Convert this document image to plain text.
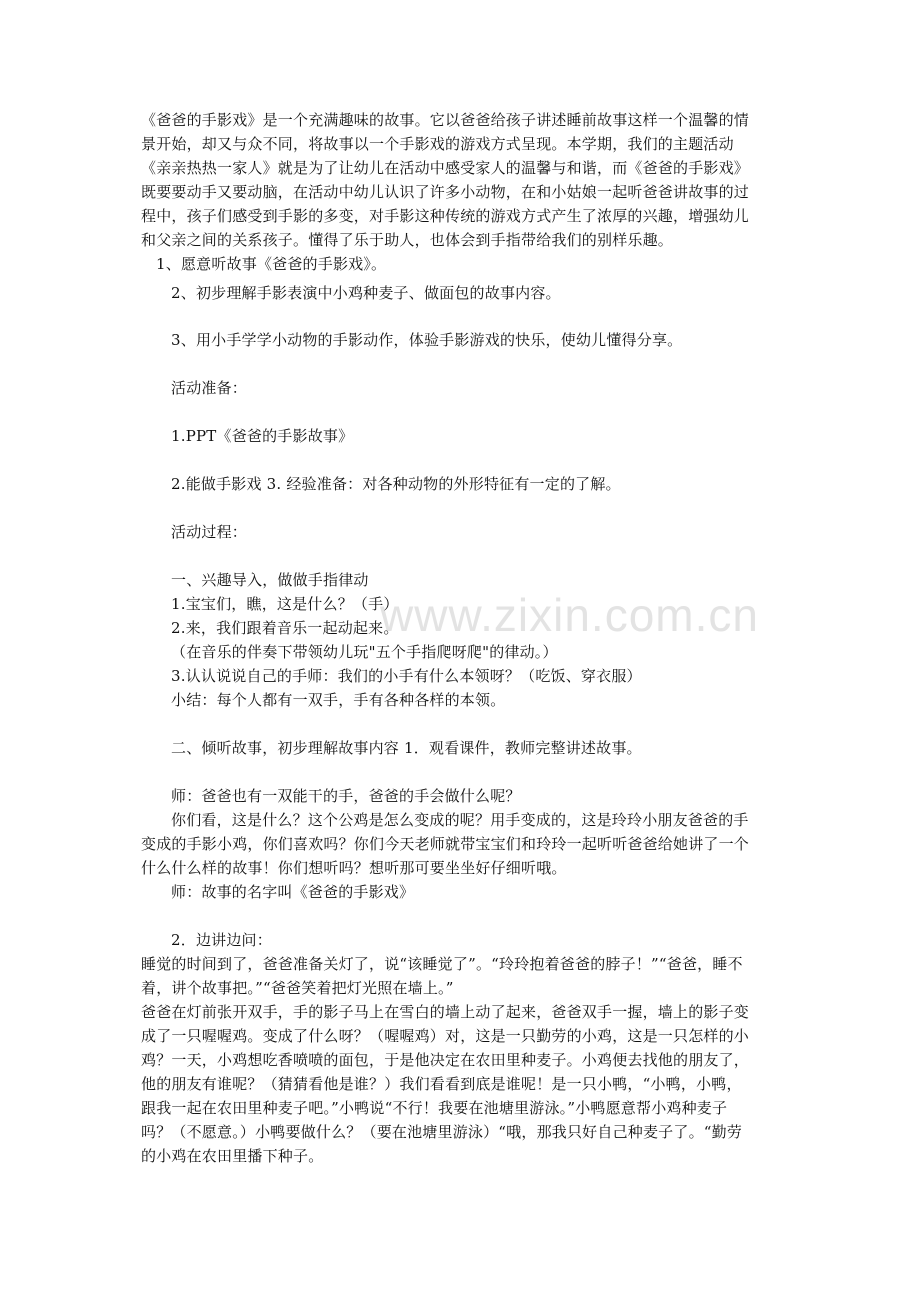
www.zixin.com.cn
《爸爸的手影戏》是一个充满趣味的故事。它以爸爸给孩子讲述睡前故事这样一个温馨的情
景开始，却又与众不同，将故事以一个手影戏的游戏方式呈现。本学期，我们的主题活动
《亲亲热热一家人》就是为了让幼儿在活动中感受家人的温馨与和谐，而《爸爸的手影戏》
既要要动手又要动脑，在活动中幼儿认识了许多小动物，在和小姑娘一起听爸爸讲故事的过
程中，孩子们感受到手影的多变，对手影这种传统的游戏方式产生了浓厚的兴趣，增强幼儿
和父亲之间的关系孩子。懂得了乐于助人，也体会到手指带给我们的别样乐趣。
1、愿意听故事《爸爸的手影戏》。
2、初步理解手影表演中小鸡种麦子、做面包的故事内容。
3、用小手学学小动物的手影动作，体验手影游戏的快乐，使幼儿懂得分享。
活动准备：
1.PPT《爸爸的手影故事》
2.能做手影戏 3. 经验准备：对各种动物的外形特征有一定的了解。
活动过程：
一、兴趣导入，做做手指律动
1.宝宝们，瞧，这是什么？（手）
2.来，我们跟着音乐一起动起来。
（在音乐的伴奏下带领幼儿玩"五个手指爬呀爬"的律动。）
3.认认说说自己的手师：我们的小手有什么本领呀？（吃饭、穿衣服）
小结：每个人都有一双手，手有各种各样的本领。
二、倾听故事，初步理解故事内容 1．观看课件，教师完整讲述故事。
师：爸爸也有一双能干的手，爸爸的手会做什么呢？
你们看，这是什么？这个公鸡是怎么变成的呢？用手变成的，这是玲玲小朋友爸爸的手
变成的手影小鸡，你们喜欢吗？你们今天老师就带宝宝们和玲玲一起听听爸爸给她讲了一个
什么什么样的故事！你们想听吗？想听那可要坐坐好仔细听哦。
师：故事的名字叫《爸爸的手影戏》
2．边讲边问：
睡觉的时间到了，爸爸准备关灯了，说“该睡觉了”。“玲玲抱着爸爸的脖子！”“爸爸，睡不
着，讲个故事把。”“爸爸笑着把灯光照在墙上。”
爸爸在灯前张开双手，手的影子马上在雪白的墙上动了起来，爸爸双手一握，墙上的影子变
成了一只喔喔鸡。变成了什么呀？（喔喔鸡）对，这是一只勤劳的小鸡，这是一只怎样的小
鸡？一天，小鸡想吃香喷喷的面包，于是他决定在农田里种麦子。小鸡便去找他的朋友了，
他的朋友有谁呢？（猜猜看他是谁？）我们看看到底是谁呢！是一只小鸭，“小鸭，小鸭，
跟我一起在农田里种麦子吧。”小鸭说“不行！我要在池塘里游泳。”小鸭愿意帮小鸡种麦子
吗？（不愿意。）小鸭要做什么？（要在池塘里游泳）“哦，那我只好自己种麦子了。“勤劳
的小鸡在农田里播下种子。
